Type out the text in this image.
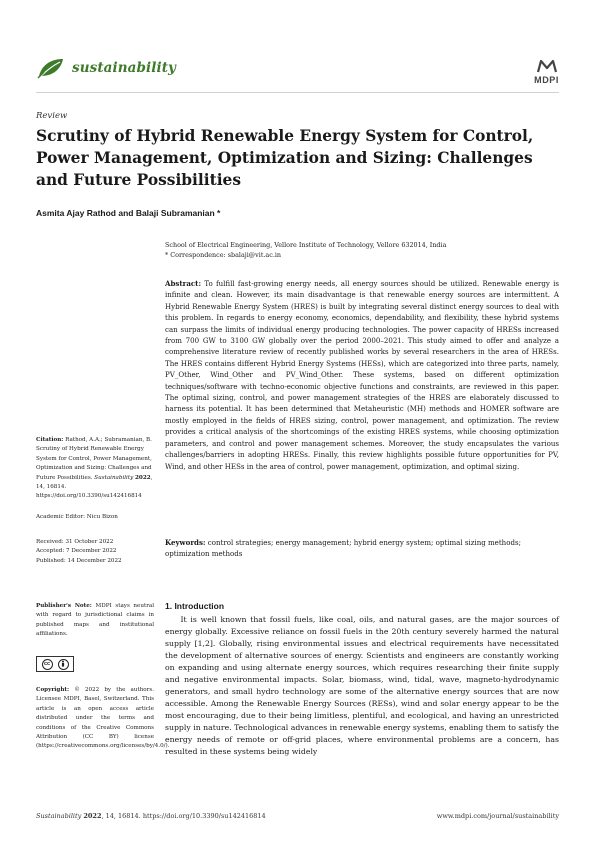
sustainability
MDPI
Review
Scrutiny of Hybrid Renewable Energy System for Control, Power Management, Optimization and Sizing: Challenges and Future Possibilities
Asmita Ajay Rathod and Balaji Subramanian *
School of Electrical Engineering, Vellore Institute of Technology, Vellore 632014, India
* Correspondence: sbalaji@vit.ac.in
Abstract: To fulfill fast-growing energy needs, all energy sources should be utilized. Renewable energy is infinite and clean. However, its main disadvantage is that renewable energy sources are intermittent. A Hybrid Renewable Energy System (HRES) is built by integrating several distinct energy sources to deal with this problem. In regards to energy economy, economics, dependability, and flexibility, these hybrid systems can surpass the limits of individual energy producing technologies. The power capacity of HRESs increased from 700 GW to 3100 GW globally over the period 2000–2021. This study aimed to offer and analyze a comprehensive literature review of recently published works by several researchers in the area of HRESs. The HRES contains different Hybrid Energy Systems (HESs), which are categorized into three parts, namely, PV_Other, Wind_Other and PV_Wind_Other. These systems, based on different optimization techniques/software with techno-economic objective functions and constraints, are reviewed in this paper. The optimal sizing, control, and power management strategies of the HRES are elaborately discussed to harness its potential. It has been determined that Metaheuristic (MH) methods and HOMER software are mostly employed in the fields of HRES sizing, control, power management, and optimization. The review provides a critical analysis of the shortcomings of the existing HRES systems, while choosing optimization parameters, and control and power management schemes. Moreover, the study encapsulates the various challenges/barriers in adopting HRESs. Finally, this review highlights possible future opportunities for PV, Wind, and other HESs in the area of control, power management, optimization, and optimal sizing.
Keywords: control strategies; energy management; hybrid energy system; optimal sizing methods; optimization methods
Citation: Rathod, A.A.; Subramanian, B. Scrutiny of Hybrid Renewable Energy System for Control, Power Management, Optimization and Sizing: Challenges and Future Possibilities. Sustainability 2022, 14, 16814. https://doi.org/10.3390/su142416814
Academic Editor: Nicu Bizon
Received: 31 October 2022
Accepted: 7 December 2022
Published: 14 December 2022
Publisher's Note: MDPI stays neutral with regard to jurisdictional claims in published maps and institutional affiliations.
cc
Copyright: © 2022 by the authors. Licensee MDPI, Basel, Switzerland. This article is an open access article distributed under the terms and conditions of the Creative Commons Attribution (CC BY) license (https://creativecommons.org/licenses/by/4.0/).
1. Introduction
It is well known that fossil fuels, like coal, oils, and natural gases, are the major sources of energy globally. Excessive reliance on fossil fuels in the 20th century severely harmed the natural supply [1,2]. Globally, rising environmental issues and electrical requirements have necessitated the development of alternative sources of energy. Scientists and engineers are constantly working on expanding and using alternate energy sources, which requires researching their finite supply and negative environmental impacts. Solar, biomass, wind, tidal, wave, magneto-hydrodynamic generators, and small hydro technology are some of the alternative energy sources that are now accessible. Among the Renewable Energy Sources (RESs), wind and solar energy appear to be the most encouraging, due to their being limitless, plentiful, and ecological, and having an unrestricted supply in nature. Technological advances in renewable energy systems, enabling them to satisfy the energy needs of remote or off-grid places, where environmental problems are a concern, has resulted in these systems being widely
Sustainability 2022, 14, 16814. https://doi.org/10.3390/su142416814	www.mdpi.com/journal/sustainability
